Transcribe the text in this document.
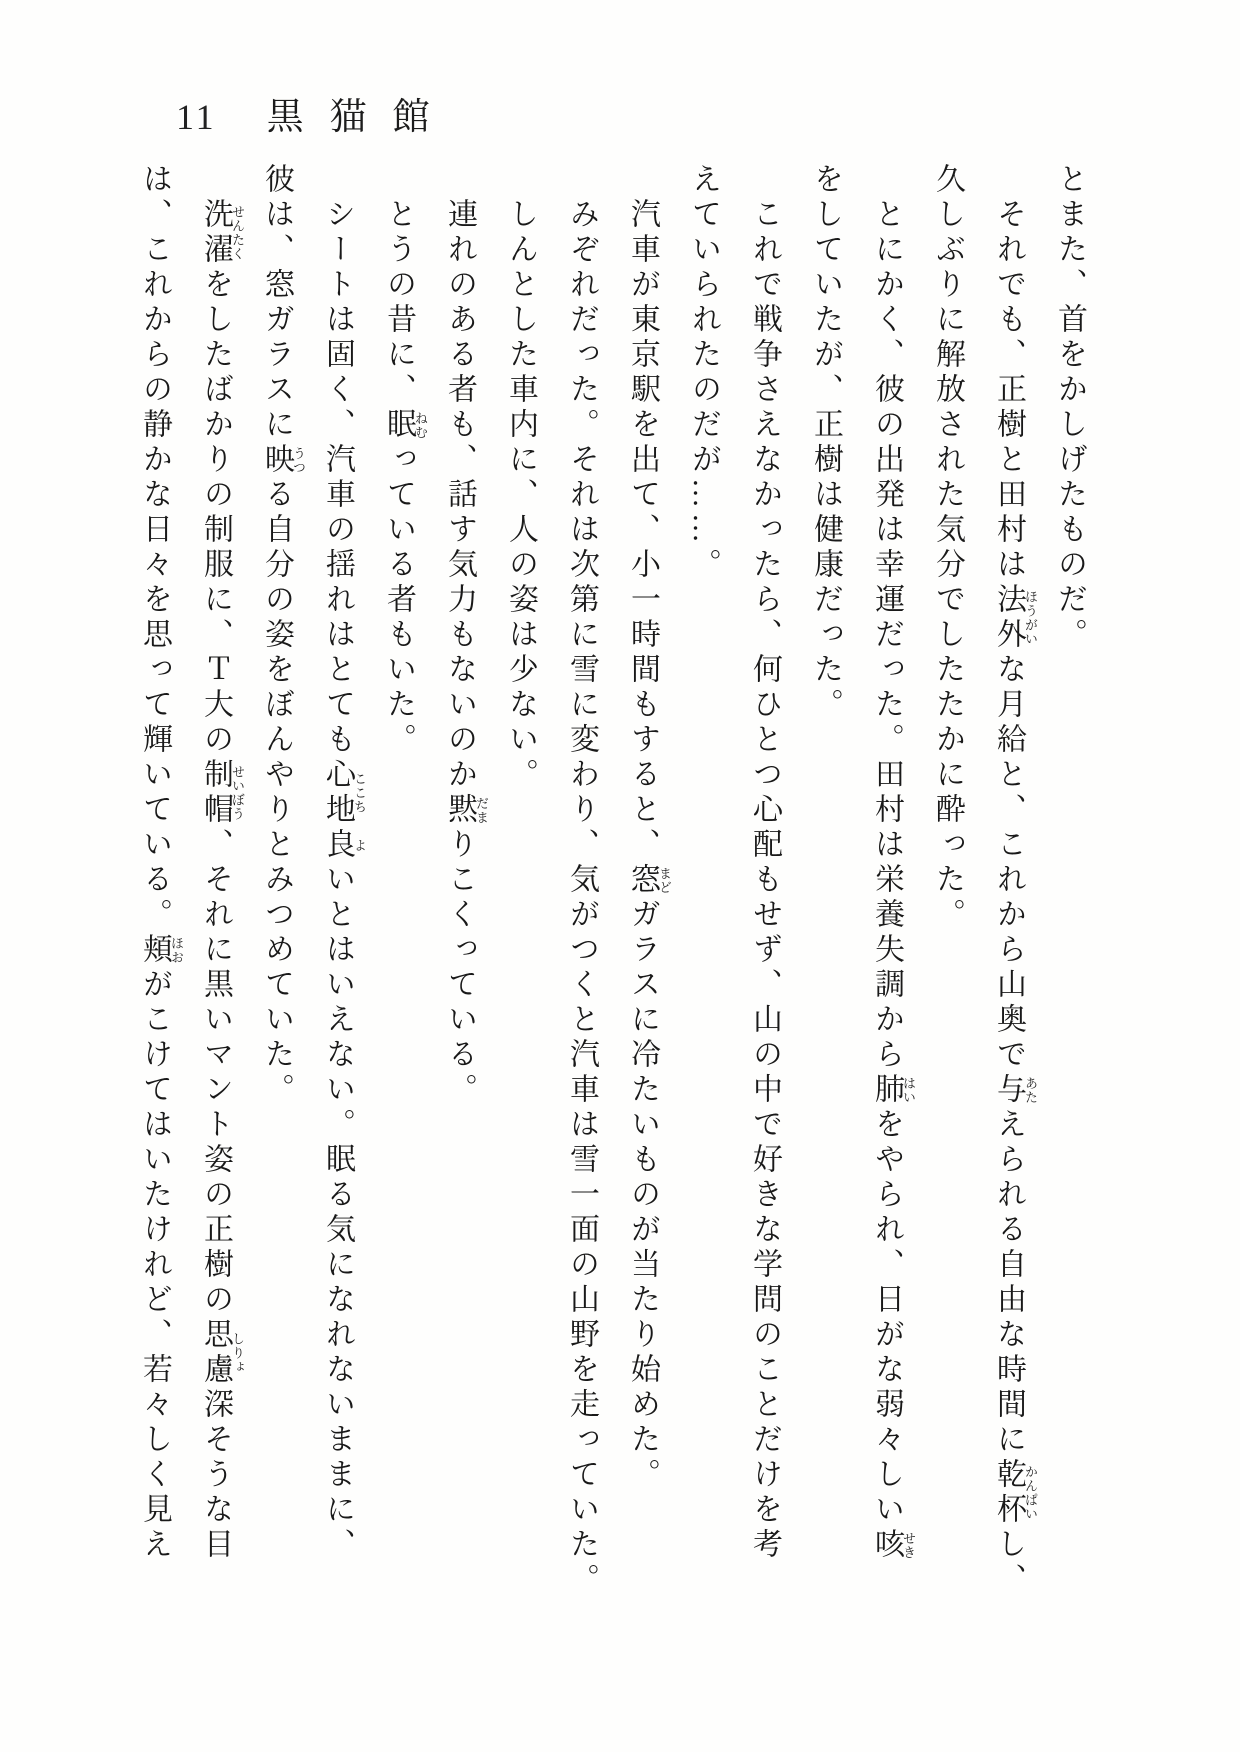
11 黒猫館
とまた、首をかしげたものだ。
それでも、正樹と田村は法外ほうがいな月給と、これから山奥で与あたえられる自由な時間に乾杯かんぱいし、
久しぶりに解放された気分でしたたかに酔った。
とにかく、彼の出発は幸運だった。田村は栄養失調から肺はいをやられ、日がな弱々しい咳せき
をしていたが、正樹は健康だった。
これで戦争さえなかったら、何ひとつ心配もせず、山の中で好きな学問のことだけを考
えていられたのだが……。
汽車が東京駅を出て、小一時間もすると、窓まどガラスに冷たいものが当たり始めた。
みぞれだった。それは次第に雪に変わり、気がつくと汽車は雪一面の山野を走っていた。
しんとした車内に、人の姿は少ない。
連れのある者も、話す気力もないのか黙だまりこくっている。
とうの昔に、眠ねむっている者もいた。
シートは固く、汽車の揺れはとても心地ここち良よいとはいえない。眠る気になれないままに、
彼は、窓ガラスに映うつる自分の姿をぼんやりとみつめていた。
洗濯せんたくをしたばかりの制服に、Ｔ大の制帽せいぼう、それに黒いマント姿の正樹の思慮しりょ深そうな目
は、これからの静かな日々を思って輝いている。頬ほおがこけてはいたけれど、若々しく見え
